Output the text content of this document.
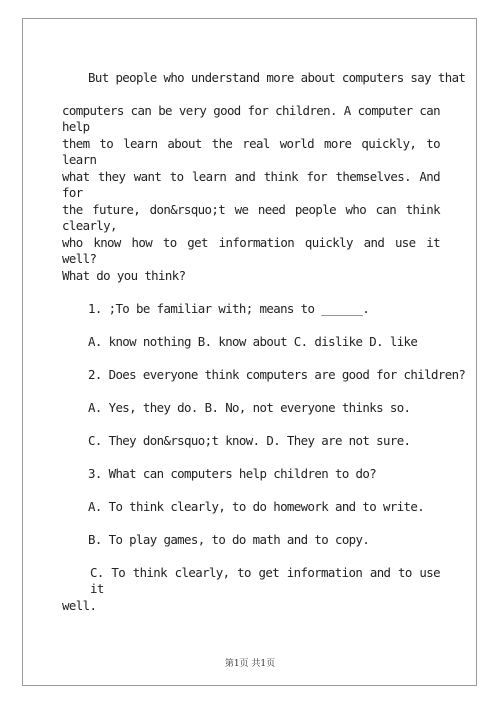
But people who understand more about computers say that
computers can be very good for children. A computer can help
them to learn about the real world more quickly, to learn
what they want to learn and think for themselves. And for
the future, don&rsquo;t we need people who can think clearly,
who know how to get information quickly and use it well?
What do you think?
1. ;To be familiar with; means to ______.
A. know nothing B. know about C. dislike D. like
2. Does everyone think computers are good for children?
A. Yes, they do. B. No, not everyone thinks so.
C. They don&rsquo;t know. D. They are not sure.
3. What can computers help children to do?
A. To think clearly, to do homework and to write.
B. To play games, to do math and to copy.
C. To think clearly, to get information and to use it
well.
第1页 共1页
